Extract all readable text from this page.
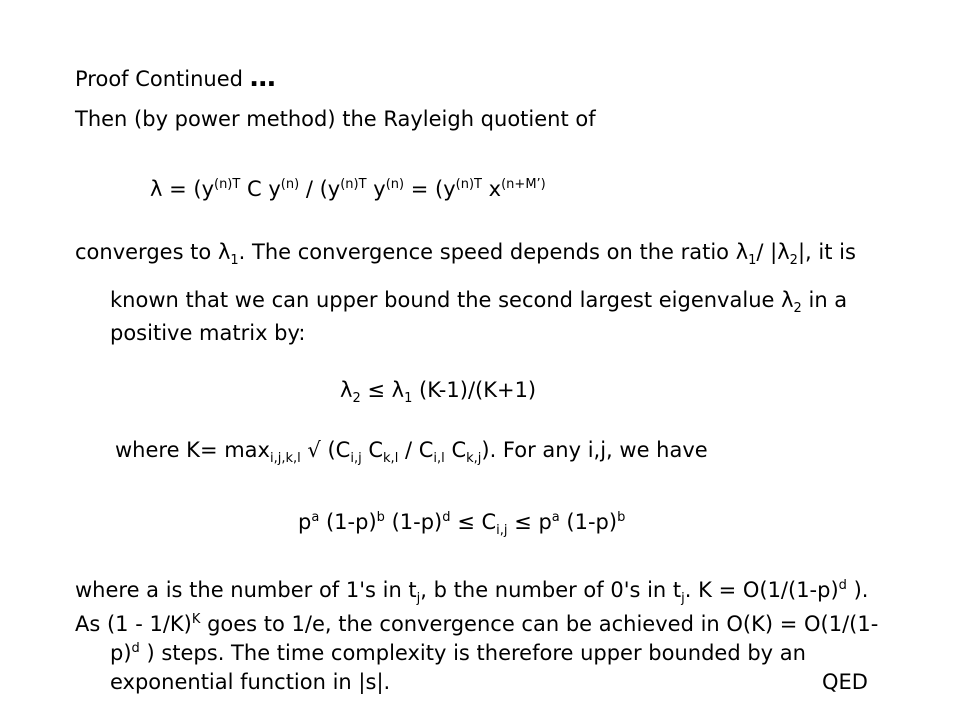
Proof Continued …
Then (by power method) the Rayleigh quotient of
$\lambda = (y^{(n)T}$ C $y^{(n)} / (y^{(n)T}$ $y^{(n)} = (y^{(n)T}$ $x^{(n+M’)}$
converges to $\lambda_1$. The convergence speed depends on the ratio $\lambda_1/$ $|\lambda_2|$, it is
known that we can upper bound the second largest eigenvalue $\lambda_2$ in a
positive matrix by:
$\lambda_2 \le \lambda_1$ (K-1)/(K+1)
where $K= \max_{i,j,k,l}$ √ ($C_{i,j}$ $C_{k,l} / C_{i,l}$ $C_{k,j}$). For any i,j, we have
$p^a$ $(1-p)^b$ $(1-p)^d \le C_{i,j} \le p^a$ $(1-p)^b$
where a is the number of 1's in $t_j$, b the number of 0's in $t_j$. $K = O(1/(1-p)^d$ ).
As (1 - 1/K)$^K$ goes to 1/e, the convergence can be achieved in O(K) = O(1/(1-
p)$^d$ ) steps. The time complexity is therefore upper bounded by an
exponential function in |s|.	QED
